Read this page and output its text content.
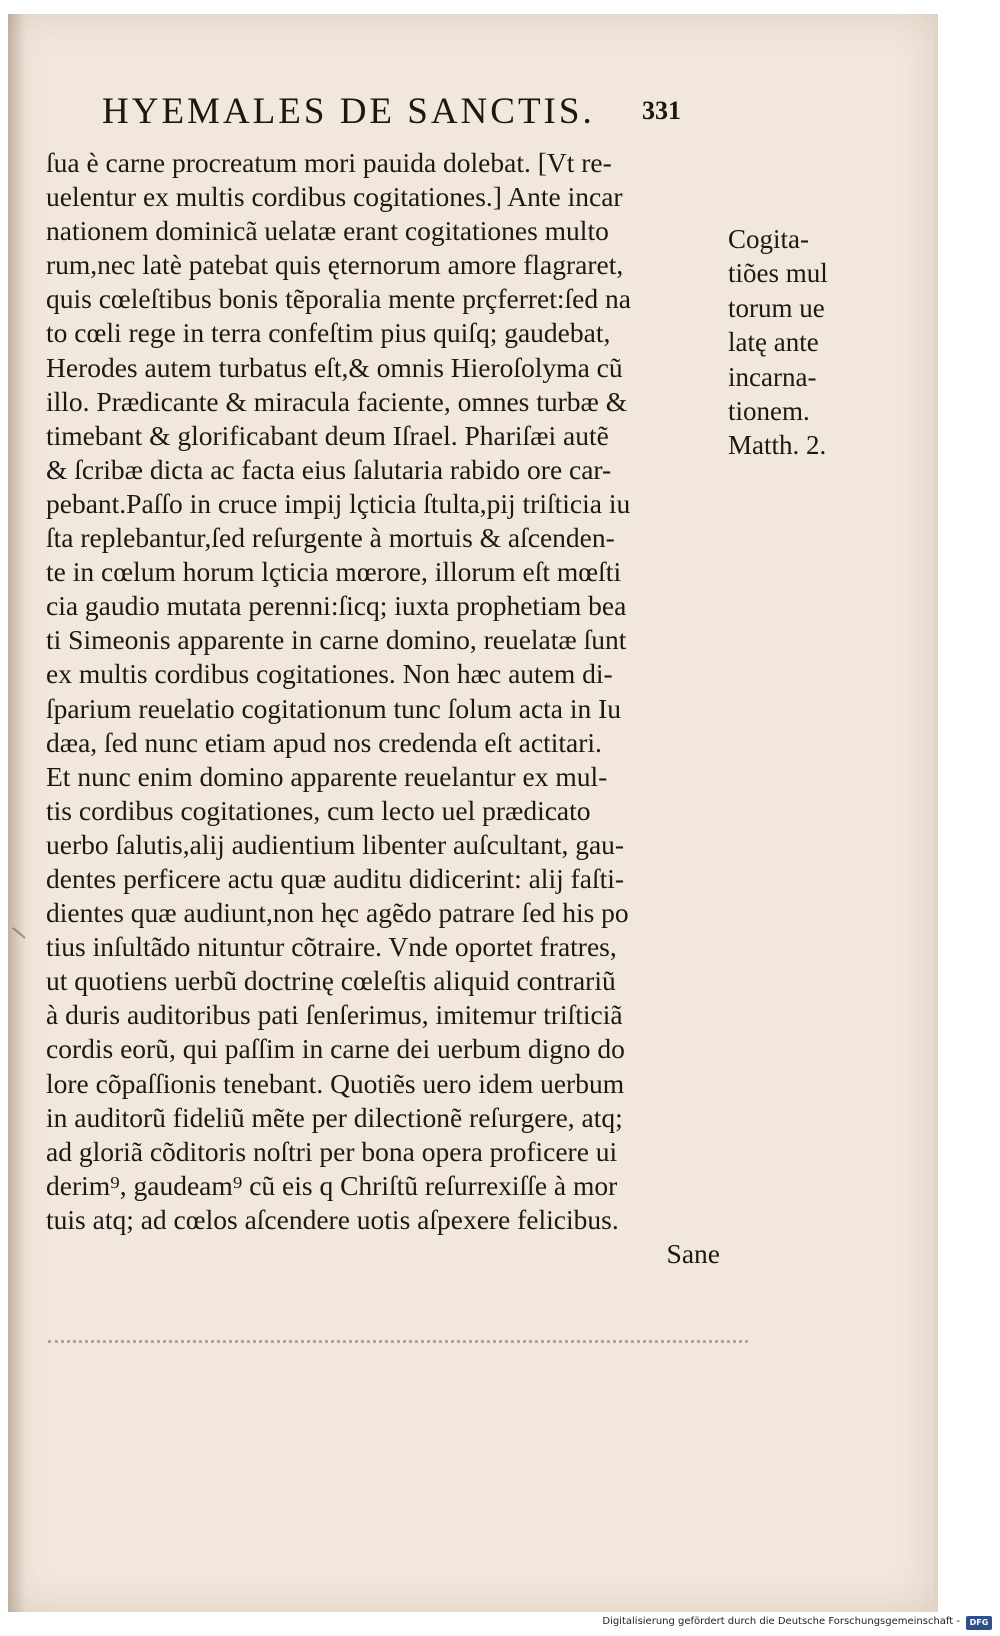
HYEMALES DE SANCTIS. 331
ſua è carne procreatum mori pauida dolebat. [Vt re-
uelentur ex multis cordibus cogitationes.] Ante incar
nationem dominicã uelatæ erant cogitationes multo
rum,nec latè patebat quis ęternorum amore flagraret,
quis cœleſtibus bonis tẽporalia mente prçferret:ſed na
to cœli rege in terra confeſtim pius quiſq; gaudebat,
Herodes autem turbatus eſt,& omnis Hieroſolyma cũ
illo. Prædicante & miracula faciente, omnes turbæ &
timebant & glorificabant deum Iſrael. Phariſæi autẽ
& ſcribæ dicta ac facta eius ſalutaria rabido ore car-
pebant.Paſſo in cruce impij lçticia ſtulta,pij triſticia iu
ſta replebantur,ſed reſurgente à mortuis & aſcenden-
te in cœlum horum lçticia mœrore, illorum eſt mœſti
cia gaudio mutata perenni:ſicq; iuxta prophetiam bea
ti Simeonis apparente in carne domino, reuelatæ ſunt
ex multis cordibus cogitationes. Non hæc autem di-
ſparium reuelatio cogitationum tunc ſolum acta in Iu
dæa, ſed nunc etiam apud nos credenda eſt actitari.
Et nunc enim domino apparente reuelantur ex mul-
tis cordibus cogitationes, cum lecto uel prædicato
uerbo ſalutis,alij audientium libenter auſcultant, gau-
dentes perficere actu quæ auditu didicerint: alij faſti-
dientes quæ audiunt,non hęc agẽdo patrare ſed his po
tius inſultãdo nituntur cõtraire. Vnde oportet fratres,
ut quotiens uerbũ doctrinę cœleſtis aliquid contrariũ
à duris auditoribus pati ſenſerimus, imitemur triſticiã
cordis eorũ, qui paſſim in carne dei uerbum digno do
lore cõpaſſionis tenebant. Quotiẽs uero idem uerbum
in auditorũ fideliũ mẽte per dilectionẽ reſurgere, atq;
ad gloriã cõditoris noſtri per bona opera proficere ui
derim⁹, gaudeam⁹ cũ eis q Chriſtũ reſurrexiſſe à mor
tuis atq; ad cœlos aſcendere uotis aſpexere felicibus.
Sane
Cogita-
tiões mul
torum ue
latę ante
incarna-
tionem.
Matth. 2.
Digitalisierung gefördert durch die Deutsche Forschungsgemeinschaft -	DFG
